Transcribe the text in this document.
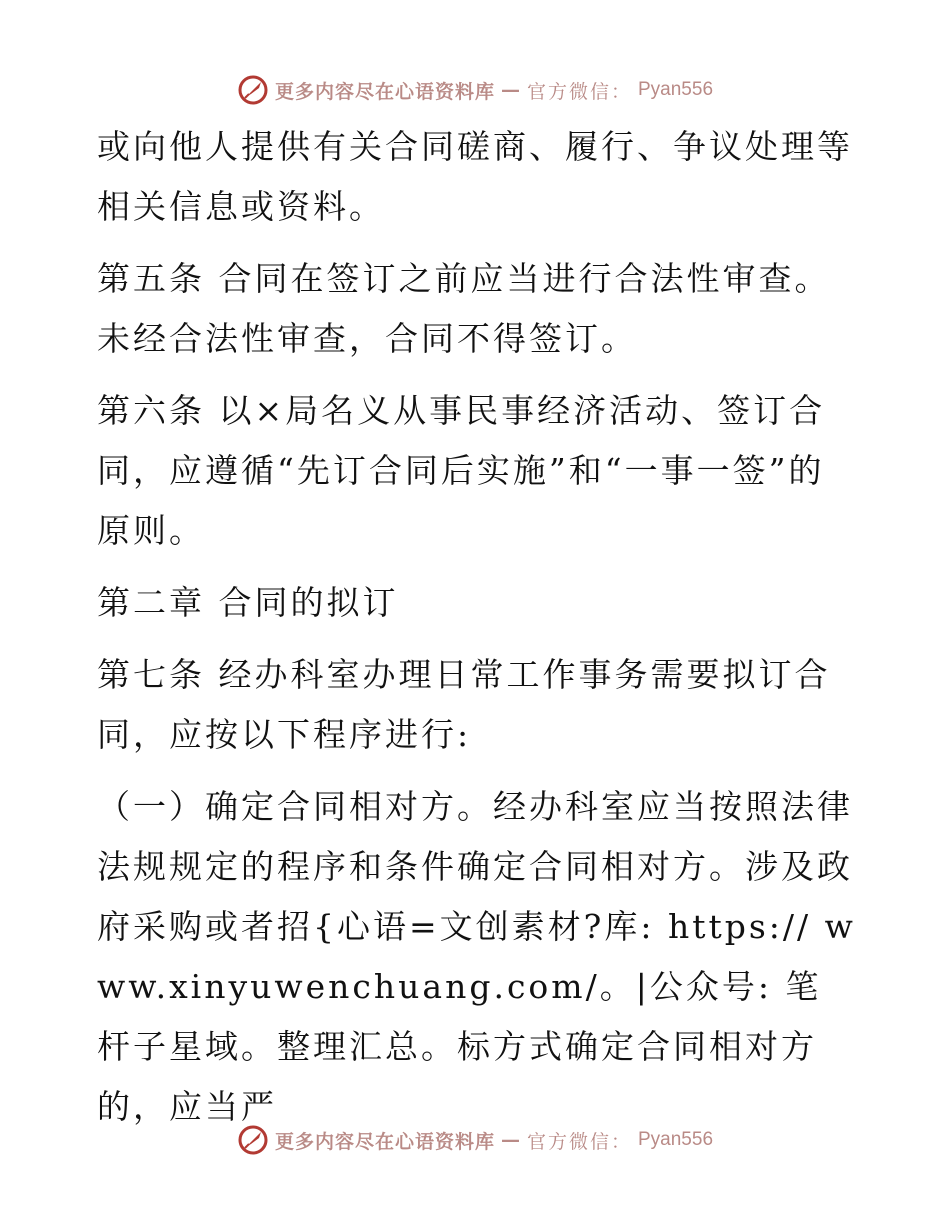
更多内容尽在心语资料库 — 官方微信： Pyan556

或向他人提供有关合同磋商、履行、争议处理等相关信息或资料。

第五条 合同在签订之前应当进行合法性审查。未经合法性审查，合同不得签订。

第六条 以×局名义从事民事经济活动、签订合同，应遵循“先订合同后实施”和“一事一签”的原则。

第二章 合同的拟订

第七条 经办科室办理日常工作事务需要拟订合同，应按以下程序进行:

（一）确定合同相对方。经办科室应当按照法律法规规定的程序和条件确定合同相对方。涉及政府采购或者招{心语=文创素材?库: https:// www.xinyuwenchuang.com/。|公众号: 笔杆子星域。整理汇总。标方式确定合同相对方的，应当严

更多内容尽在心语资料库 — 官方微信： Pyan556
